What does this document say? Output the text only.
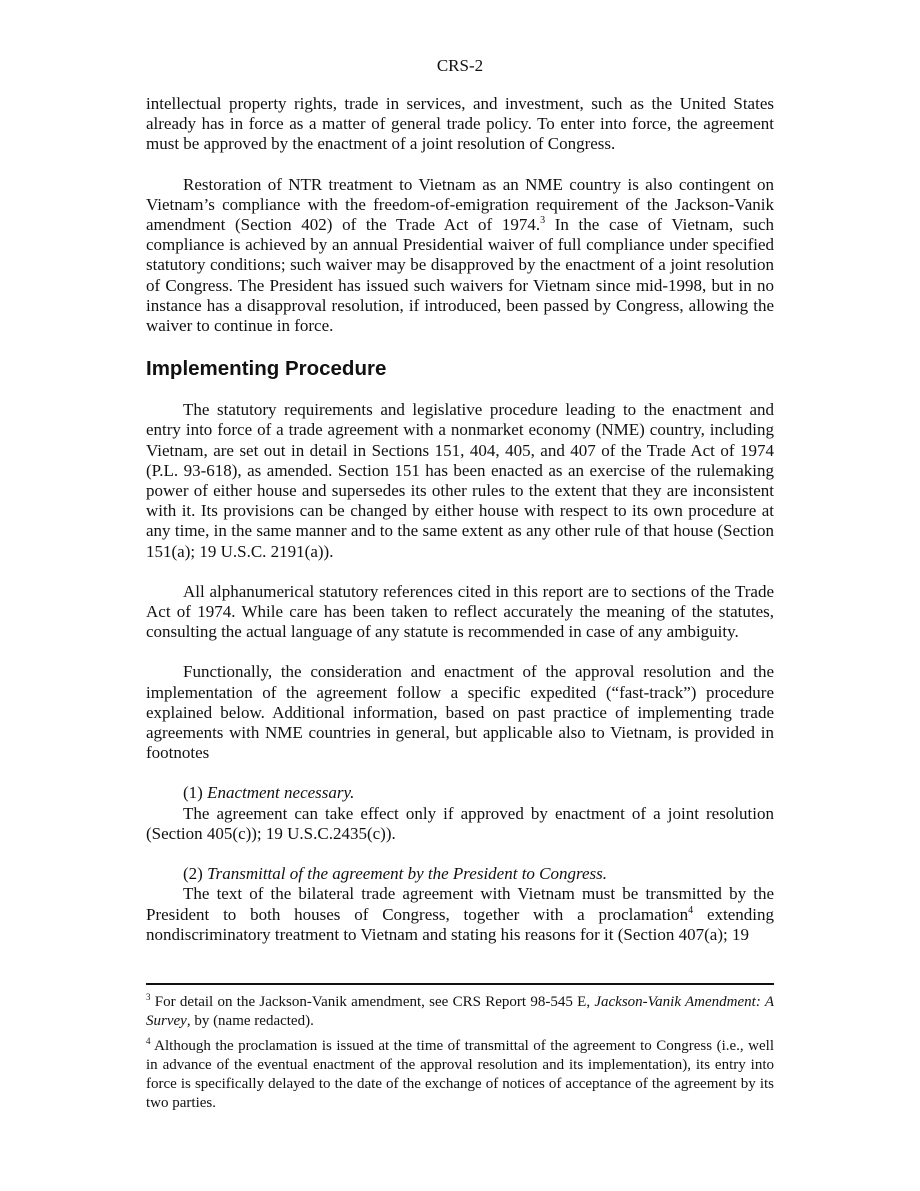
CRS-2

intellectual property rights, trade in services, and investment, such as the United States already has in force as a matter of general trade policy. To enter into force, the agreement must be approved by the enactment of a joint resolution of Congress.

Restoration of NTR treatment to Vietnam as an NME country is also contingent on Vietnam’s compliance with the freedom-of-emigration requirement of the Jackson-Vanik amendment (Section 402) of the Trade Act of 1974.$^3$ In the case of Vietnam, such compliance is achieved by an annual Presidential waiver of full compliance under specified statutory conditions; such waiver may be disapproved by the enactment of a joint resolution of Congress. The President has issued such waivers for Vietnam since mid-1998, but in no instance has a disapproval resolution, if introduced, been passed by Congress, allowing the waiver to continue in force.

Implementing Procedure

The statutory requirements and legislative procedure leading to the enactment and entry into force of a trade agreement with a nonmarket economy (NME) country, including Vietnam, are set out in detail in Sections 151, 404, 405, and 407 of the Trade Act of 1974 (P.L. 93-618), as amended. Section 151 has been enacted as an exercise of the rulemaking power of either house and supersedes its other rules to the extent that they are inconsistent with it. Its provisions can be changed by either house with respect to its own procedure at any time, in the same manner and to the same extent as any other rule of that house (Section 151(a); 19 U.S.C. 2191(a)).

All alphanumerical statutory references cited in this report are to sections of the Trade Act of 1974. While care has been taken to reflect accurately the meaning of the statutes, consulting the actual language of any statute is recommended in case of any ambiguity.

Functionally, the consideration and enactment of the approval resolution and the implementation of the agreement follow a specific expedited (“fast-track”) procedure explained below. Additional information, based on past practice of implementing trade agreements with NME countries in general, but applicable also to Vietnam, is provided in footnotes

(1) Enactment necessary.

The agreement can take effect only if approved by enactment of a joint resolution (Section 405(c)); 19 U.S.C.2435(c)).

(2) Transmittal of the agreement by the President to Congress.

The text of the bilateral trade agreement with Vietnam must be transmitted by the President to both houses of Congress, together with a proclamation$^4$ extending nondiscriminatory treatment to Vietnam and stating his reasons for it (Section 407(a); 19

$^3$ For detail on the Jackson-Vanik amendment, see CRS Report 98-545 E, Jackson-Vanik Amendment: A Survey, by (name redacted).

$^4$ Although the proclamation is issued at the time of transmittal of the agreement to Congress (i.e., well in advance of the eventual enactment of the approval resolution and its implementation), its entry into force is specifically delayed to the date of the exchange of notices of acceptance of the agreement by its two parties.
